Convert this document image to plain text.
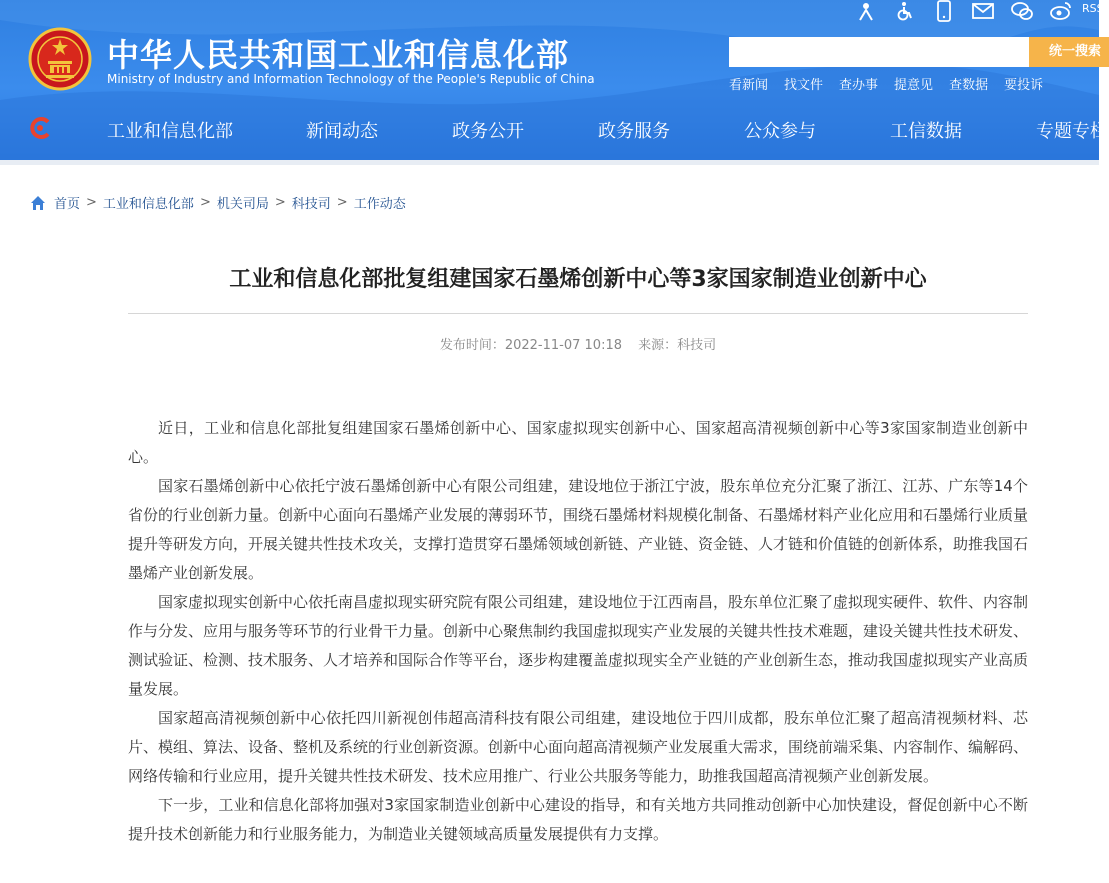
中华人民共和国工业和信息化部
Ministry of Industry and Information Technology of the People's Republic of China
RSS
统一搜索
看新闻 找文件 查办事 提意见 查数据 要投诉
工业和信息化部	新闻动态	政务公开	政务服务	公众参与	工信数据	专题专栏
首页 > 工业和信息化部 > 机关司局 > 科技司 > 工作动态
工业和信息化部批复组建国家石墨烯创新中心等3家国家制造业创新中心
发布时间：2022-11-07 10:18 来源：科技司

近日，工业和信息化部批复组建国家石墨烯创新中心、国家虚拟现实创新中心、国家超高清视频创新中心等3家国家制造业创新中心。

国家石墨烯创新中心依托宁波石墨烯创新中心有限公司组建，建设地位于浙江宁波，股东单位充分汇聚了浙江、江苏、广东等14个省份的行业创新力量。创新中心面向石墨烯产业发展的薄弱环节，围绕石墨烯材料规模化制备、石墨烯材料产业化应用和石墨烯行业质量提升等研发方向，开展关键共性技术攻关，支撑打造贯穿石墨烯领域创新链、产业链、资金链、人才链和价值链的创新体系，助推我国石墨烯产业创新发展。

国家虚拟现实创新中心依托南昌虚拟现实研究院有限公司组建，建设地位于江西南昌，股东单位汇聚了虚拟现实硬件、软件、内容制作与分发、应用与服务等环节的行业骨干力量。创新中心聚焦制约我国虚拟现实产业发展的关键共性技术难题，建设关键共性技术研发、测试验证、检测、技术服务、人才培养和国际合作等平台，逐步构建覆盖虚拟现实全产业链的产业创新生态，推动我国虚拟现实产业高质量发展。

国家超高清视频创新中心依托四川新视创伟超高清科技有限公司组建，建设地位于四川成都，股东单位汇聚了超高清视频材料、芯片、模组、算法、设备、整机及系统的行业创新资源。创新中心面向超高清视频产业发展重大需求，围绕前端采集、内容制作、编解码、网络传输和行业应用，提升关键共性技术研发、技术应用推广、行业公共服务等能力，助推我国超高清视频产业创新发展。

下一步，工业和信息化部将加强对3家国家制造业创新中心建设的指导，和有关地方共同推动创新中心加快建设，督促创新中心不断提升技术创新能力和行业服务能力，为制造业关键领域高质量发展提供有力支撑。
